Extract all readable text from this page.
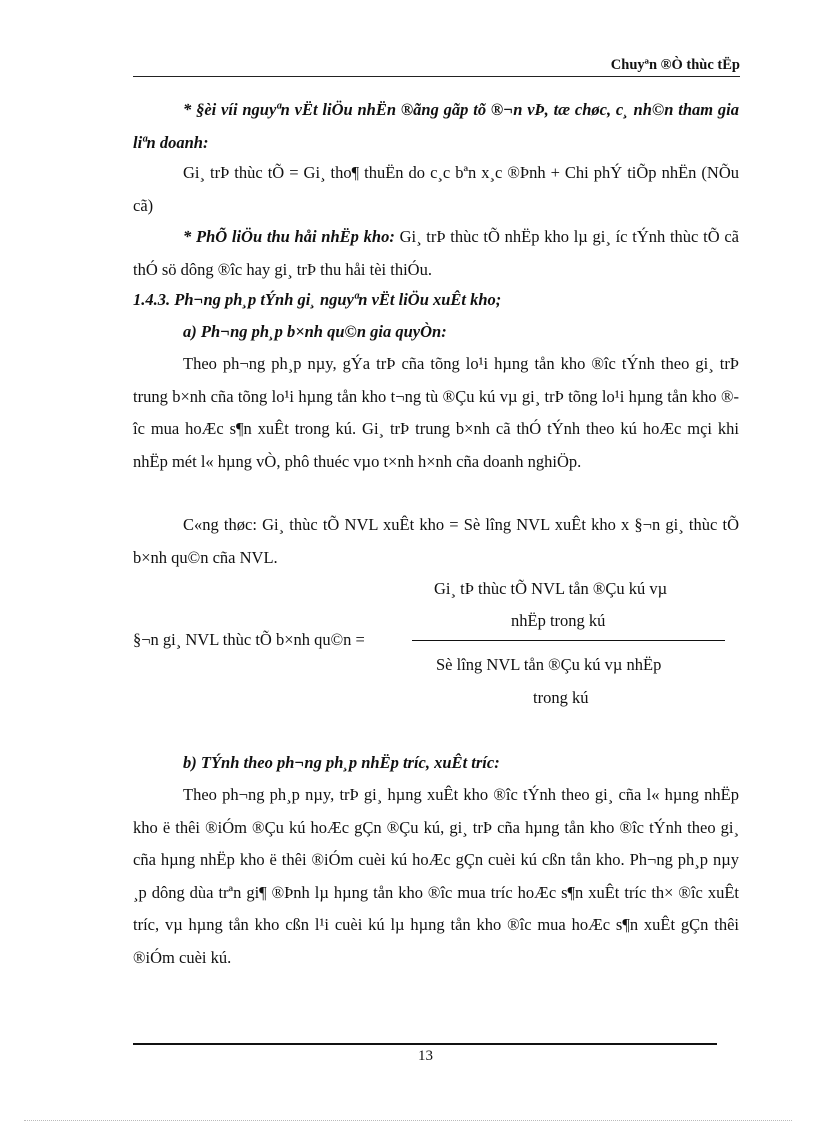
Chuyªn ®Ò thùc tËp

* §èi víi nguyªn vËt liÖu nhËn ®ãng gãp tõ ®¬n vÞ, tæ chøc, c¸ nh©n tham gia liªn doanh:

Gi¸ trÞ thùc tÕ = Gi¸ tho¶ thuËn do c¸c bªn x¸c ®Þnh + Chi phÝ tiÕp nhËn (NÕu cã)

* PhÕ liÖu thu håi nhËp kho: Gi¸ trÞ thùc tÕ nhËp kho lµ gi¸ íc tÝnh thùc tÕ cã thÓ sö dông ®îc hay gi¸ trÞ thu håi tèi thiÓu.

1.4.3. Ph¬ng ph¸p tÝnh gi¸ nguyªn vËt liÖu xuÊt kho;

a) Ph¬ng ph¸p b×nh qu©n gia quyÒn:

Theo ph¬ng ph¸p nµy, gÝa trÞ cña tõng lo¹i hµng tån kho ®îc tÝnh theo gi¸ trÞ trung b×nh cña tõng lo¹i hµng tån kho t¬ng tù ®Çu kú vµ gi¸ trÞ tõng lo¹i hµng tån kho ®îc mua hoÆc s¶n xuÊt trong kú. Gi¸ trÞ trung b×nh cã thÓ tÝnh theo kú hoÆc mçi khi nhËp mét l« hµng vÒ, phô thuéc vµo t×nh h×nh cña doanh nghiÖp.

C«ng thøc: Gi¸ thùc tÕ NVL xuÊt kho = Sè lîng NVL xuÊt kho x §¬n gi¸ thùc tÕ b×nh qu©n cña NVL.

Gi¸ tÞ thùc tÕ NVL tån ®Çu kú vµ
nhËp trong kú
§¬n gi¸ NVL thùc tÕ b×nh qu©n =
Sè lîng NVL tån ®Çu kú vµ nhËp
trong kú

b) TÝnh theo ph¬ng ph¸p nhËp tríc, xuÊt tríc:

Theo ph¬ng ph¸p nµy, trÞ gi¸ hµng xuÊt kho ®îc tÝnh theo gi¸ cña l« hµng nhËp kho ë thêi ®iÓm ®Çu kú hoÆc gÇn ®Çu kú, gi¸ trÞ cña hµng tån kho ®îc tÝnh theo gi¸ cña hµng nhËp kho ë thêi ®iÓm cuèi kú hoÆc gÇn cuèi kú cßn tån kho. Ph¬ng ph¸p nµy ¸p dông dùa trªn gi¶ ®Þnh lµ hµng tån kho ®îc mua tríc hoÆc s¶n xuÊt tríc th× ®îc xuÊt tríc, vµ hµng tån kho cßn l¹i cuèi kú lµ hµng tån kho ®îc mua hoÆc s¶n xuÊt gÇn thêi ®iÓm cuèi kú.

13
